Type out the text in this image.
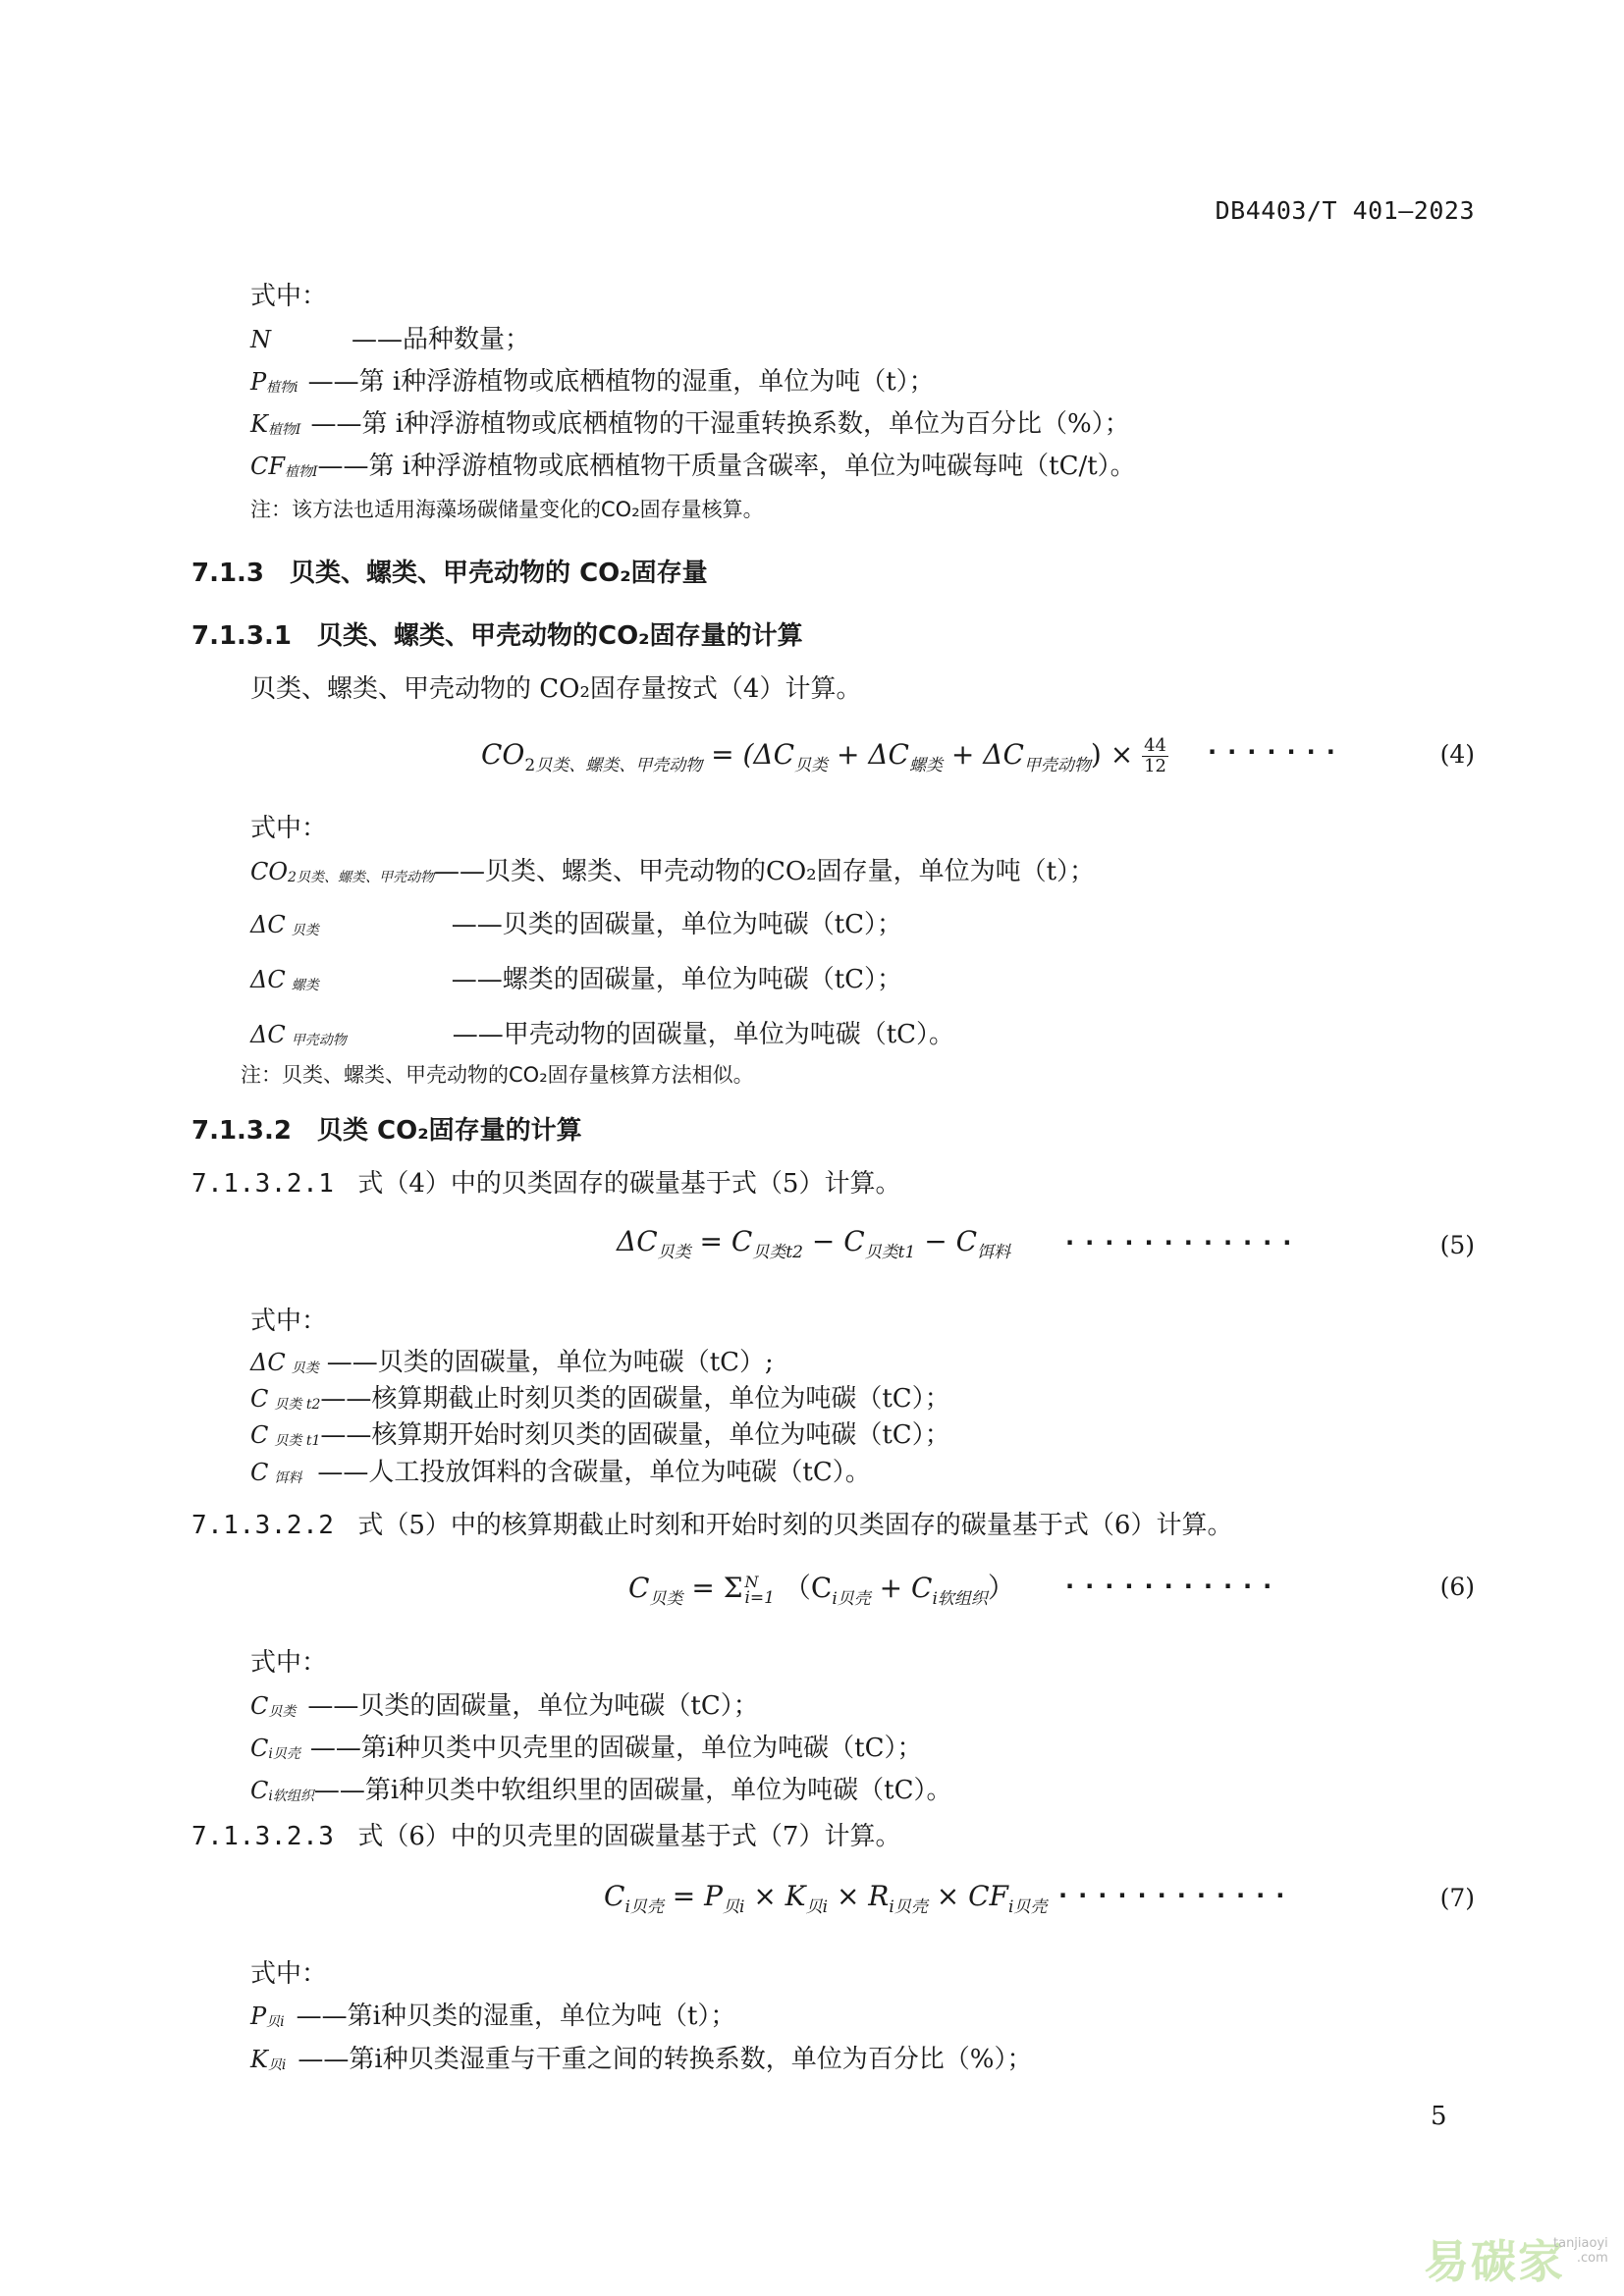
DB4403/T 401—2023
式中：
N	——品种数量；
P植物i ——第 i种浮游植物或底栖植物的湿重，单位为吨（t）；
K植物I ——第 i种浮游植物或底栖植物的干湿重转换系数，单位为百分比（%）；
CF植物I——第 i种浮游植物或底栖植物干质量含碳率，单位为吨碳每吨（tC/t）。
注：该方法也适用海藻场碳储量变化的CO₂固存量核算。
7.1.3 贝类、螺类、甲壳动物的 CO₂固存量
7.1.3.1 贝类、螺类、甲壳动物的CO₂固存量的计算
贝类、螺类、甲壳动物的 CO₂固存量按式（4）计算。
$CO_{2贝类、螺类、甲壳动物} = (\Delta C_{贝类} + \Delta C_{螺类} + \Delta C_{甲壳动物}) \times \frac{44}{12}$ ·······	(4)
式中：
CO2贝类、螺类、甲壳动物——贝类、螺类、甲壳动物的CO₂固存量，单位为吨（t）；
ΔC 贝类	——贝类的固碳量，单位为吨碳（tC）；
ΔC 螺类	——螺类的固碳量，单位为吨碳（tC）；
ΔC 甲壳动物	——甲壳动物的固碳量，单位为吨碳（tC）。
注：贝类、螺类、甲壳动物的CO₂固存量核算方法相似。
7.1.3.2 贝类 CO₂固存量的计算
7.1.3.2.1 式（4）中的贝类固存的碳量基于式（5）计算。
$\Delta C_{贝类} = C_{贝类t2} - C_{贝类t1} - C_{饵料}$ ············	(5)
式中：
ΔC 贝类 ——贝类的固碳量，单位为吨碳（tC）;
C贝类 t2——核算期截止时刻贝类的固碳量，单位为吨碳（tC）；
C贝类 t1——核算期开始时刻贝类的固碳量，单位为吨碳（tC）；
C饵料 ——人工投放饵料的含碳量，单位为吨碳（tC）。
7.1.3.2.2 式（5）中的核算期截止时刻和开始时刻的贝类固存的碳量基于式（6）计算。
$C_{贝类} = \Sigma$ N
i=1 $(C_{i贝壳} + C_{i软组织})$ ···········	(6)
式中：
C贝类 ——贝类的固碳量，单位为吨碳（tC）；
Ci贝壳 ——第i种贝类中贝壳里的固碳量，单位为吨碳（tC）；
Ci软组织——第i种贝类中软组织里的固碳量，单位为吨碳（tC）。
7.1.3.2.3 式（6）中的贝壳里的固碳量基于式（7）计算。
$C_{i贝壳} = P_{贝i} \times K_{贝i} \times R_{i贝壳} \times CF_{i贝壳}$ ············	(7)
式中：
P贝i ——第i种贝类的湿重，单位为吨（t）；
K贝i ——第i种贝类湿重与干重之间的转换系数，单位为百分比（%）；
5
易碳家
tanjiaoyi
.com
